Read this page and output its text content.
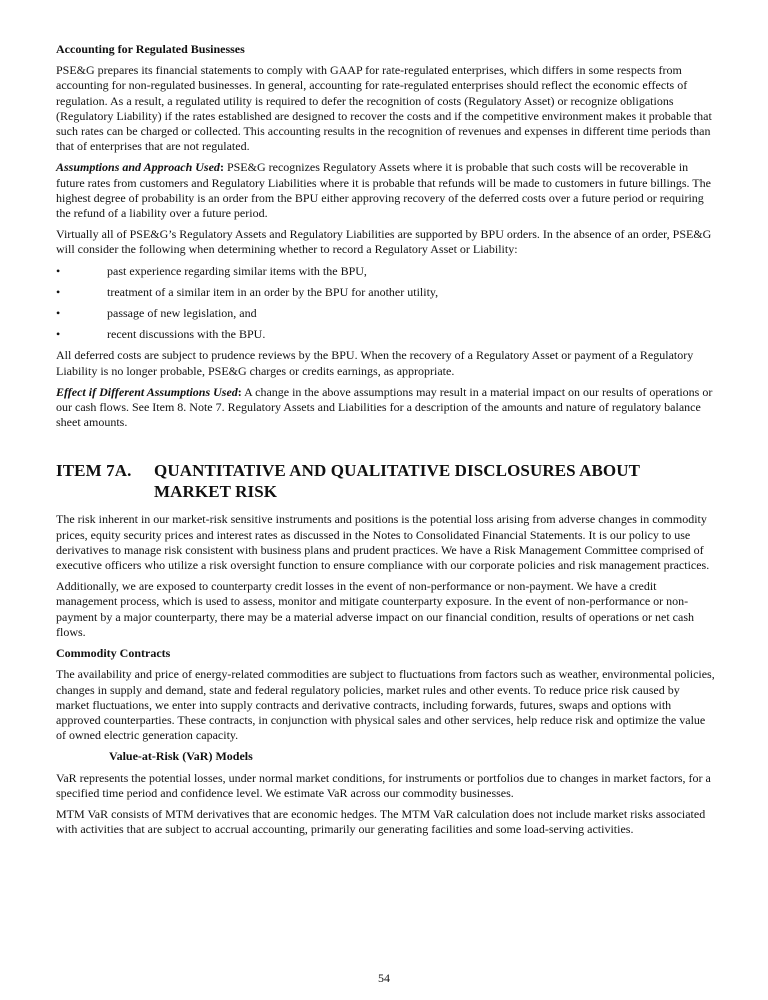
Accounting for Regulated Businesses

PSE&G prepares its financial statements to comply with GAAP for rate-regulated enterprises, which differs in some respects from accounting for non-regulated businesses. In general, accounting for rate-regulated enterprises should reflect the economic effects of regulation. As a result, a regulated utility is required to defer the recognition of costs (Regulatory Asset) or recognize obligations (Regulatory Liability) if the rates established are designed to recover the costs and if the competitive environment makes it probable that such rates can be charged or collected. This accounting results in the recognition of revenues and expenses in different time periods than that of enterprises that are not regulated.

Assumptions and Approach Used: PSE&G recognizes Regulatory Assets where it is probable that such costs will be recoverable in future rates from customers and Regulatory Liabilities where it is probable that refunds will be made to customers in future billings. The highest degree of probability is an order from the BPU either approving recovery of the deferred costs over a future period or requiring the refund of a liability over a future period.

Virtually all of PSE&G’s Regulatory Assets and Regulatory Liabilities are supported by BPU orders. In the absence of an order, PSE&G will consider the following when determining whether to record a Regulatory Asset or Liability:

•	past experience regarding similar items with the BPU,
•	treatment of a similar item in an order by the BPU for another utility,
•	passage of new legislation, and
•	recent discussions with the BPU.

All deferred costs are subject to prudence reviews by the BPU. When the recovery of a Regulatory Asset or payment of a Regulatory Liability is no longer probable, PSE&G charges or credits earnings, as appropriate.

Effect if Different Assumptions Used: A change in the above assumptions may result in a material impact on our results of operations or our cash flows. See Item 8. Note 7. Regulatory Assets and Liabilities for a description of the amounts and nature of regulatory balance sheet amounts.

ITEM 7A.	QUANTITATIVE AND QUALITATIVE DISCLOSURES ABOUT MARKET RISK

The risk inherent in our market-risk sensitive instruments and positions is the potential loss arising from adverse changes in commodity prices, equity security prices and interest rates as discussed in the Notes to Consolidated Financial Statements. It is our policy to use derivatives to manage risk consistent with business plans and prudent practices. We have a Risk Management Committee comprised of executive officers who utilize a risk oversight function to ensure compliance with our corporate policies and risk management practices.

Additionally, we are exposed to counterparty credit losses in the event of non-performance or non-payment. We have a credit management process, which is used to assess, monitor and mitigate counterparty exposure. In the event of non-performance or non-payment by a major counterparty, there may be a material adverse impact on our financial condition, results of operations or net cash flows.

Commodity Contracts

The availability and price of energy-related commodities are subject to fluctuations from factors such as weather, environmental policies, changes in supply and demand, state and federal regulatory policies, market rules and other events. To reduce price risk caused by market fluctuations, we enter into supply contracts and derivative contracts, including forwards, futures, swaps and options with approved counterparties. These contracts, in conjunction with physical sales and other services, help reduce risk and optimize the value of owned electric generation capacity.

Value-at-Risk (VaR) Models

VaR represents the potential losses, under normal market conditions, for instruments or portfolios due to changes in market factors, for a specified time period and confidence level. We estimate VaR across our commodity businesses.

MTM VaR consists of MTM derivatives that are economic hedges. The MTM VaR calculation does not include market risks associated with activities that are subject to accrual accounting, primarily our generating facilities and some load-serving activities.

54
